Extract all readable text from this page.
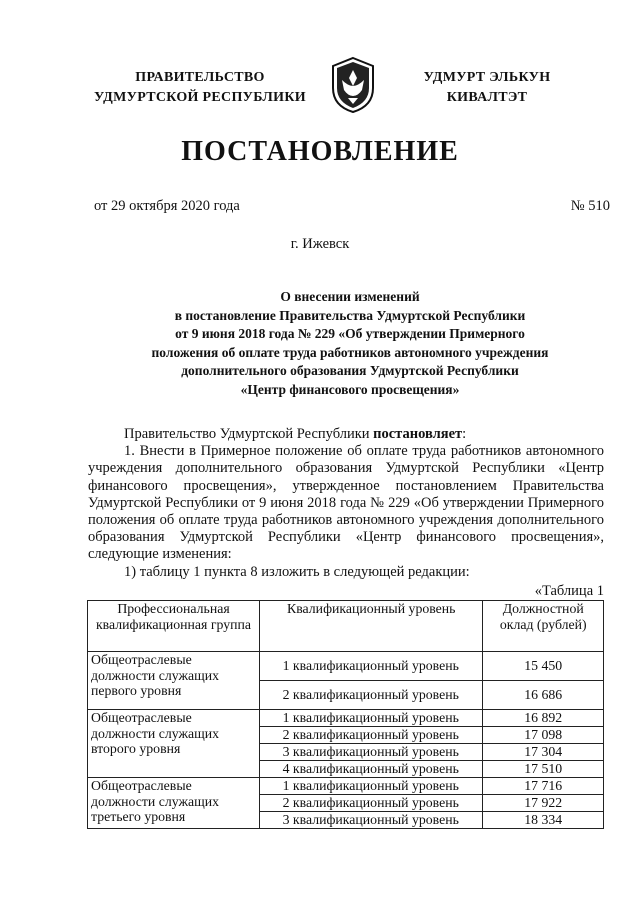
ПРАВИТЕЛЬСТВО
УДМУРТСКОЙ РЕСПУБЛИКИ
УДМУРТ ЭЛЬКУН
КИВАЛТЭТ
ПОСТАНОВЛЕНИЕ
от 29 октября 2020 года	№ 510
г. Ижевск
О внесении изменений
в постановление Правительства Удмуртской Республики
от 9 июня 2018 года № 229 «Об утверждении Примерного
положения об оплате труда работников автономного учреждения
дополнительного образования Удмуртской Республики
«Центр финансового просвещения»

Правительство Удмуртской Республики постановляет:

1. Внести в Примерное положение об оплате труда работников автономного учреждения дополнительного образования Удмуртской Республики «Центр финансового просвещения», утвержденное постановлением Правительства Удмуртской Республики от 9 июня 2018 года № 229 «Об утверждении Примерного положения об оплате труда работников автономного учреждения дополнительного образования Удмуртской Республики «Центр финансового просвещения», следующие изменения:

1) таблицу 1 пункта 8 изложить в следующей редакции:

«Таблица 1

Профессиональная квалификационная группа	Квалификационный уровень	Должностной оклад (рублей)
Общеотраслевые должности служащих первого уровня	1 квалификационный уровень	15 450
	2 квалификационный уровень	16 686
Общеотраслевые должности служащих второго уровня	1 квалификационный уровень	16 892
	2 квалификационный уровень	17 098
	3 квалификационный уровень	17 304
	4 квалификационный уровень	17 510
Общеотраслевые должности служащих третьего уровня	1 квалификационный уровень	17 716
	2 квалификационный уровень	17 922
	3 квалификационный уровень	18 334
